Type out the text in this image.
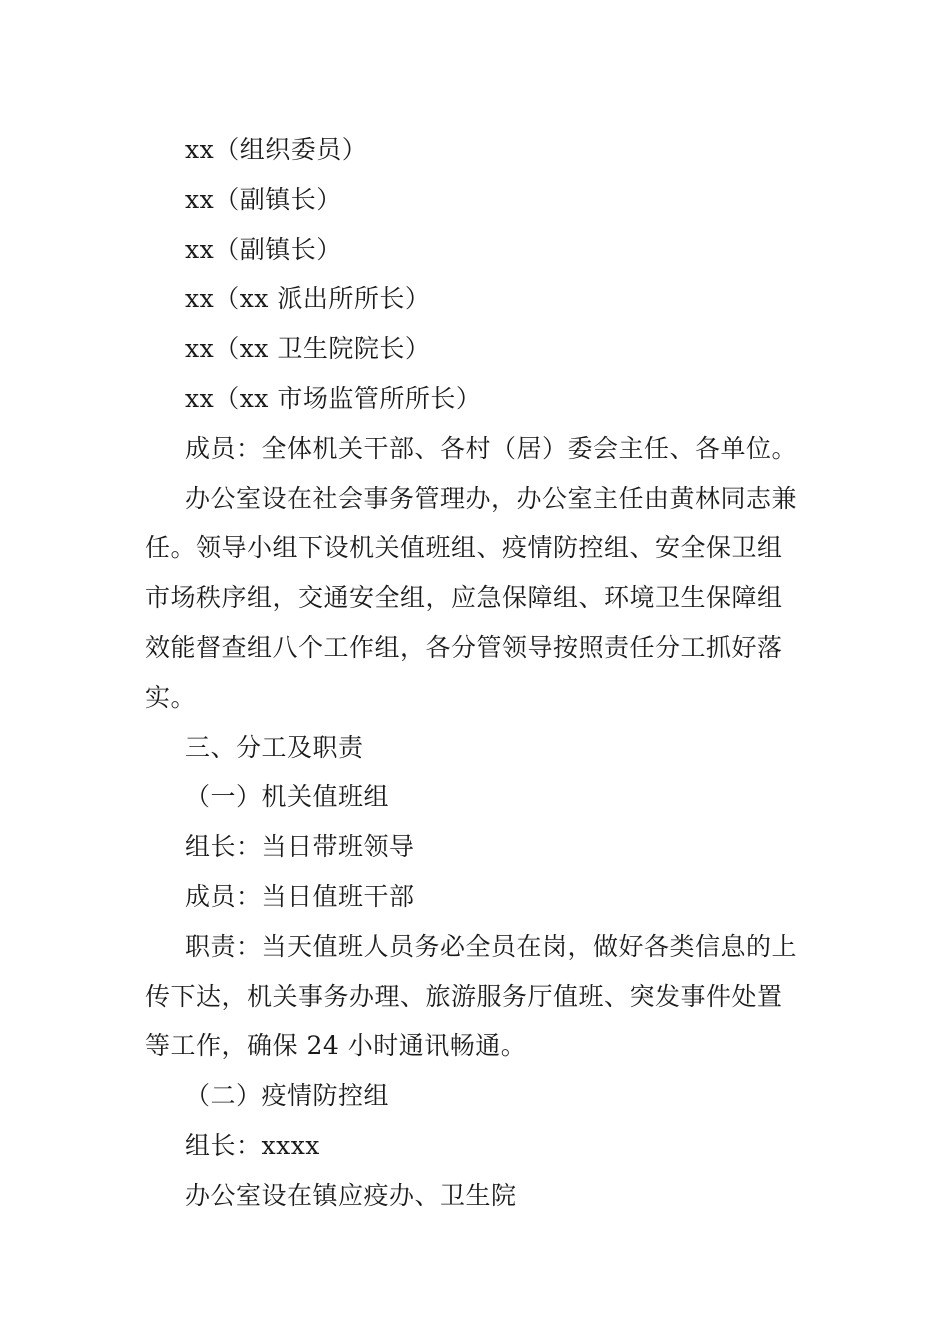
xx（组织委员）
xx（副镇长）
xx（副镇长）
xx（xx 派出所所长）
xx（xx 卫生院院长）
xx（xx 市场监管所所长）
成员：全体机关干部、各村（居）委会主任、各单位。
办公室设在社会事务管理办，办公室主任由黄林同志兼
任。领导小组下设机关值班组、疫情防控组、安全保卫组
市场秩序组，交通安全组，应急保障组、环境卫生保障组
效能督查组八个工作组，各分管领导按照责任分工抓好落
实。
三、分工及职责
（一）机关值班组
组长：当日带班领导
成员：当日值班干部
职责：当天值班人员务必全员在岗，做好各类信息的上
传下达，机关事务办理、旅游服务厅值班、突发事件处置
等工作，确保 24 小时通讯畅通。
（二）疫情防控组
组长：xxxx
办公室设在镇应疫办、卫生院
